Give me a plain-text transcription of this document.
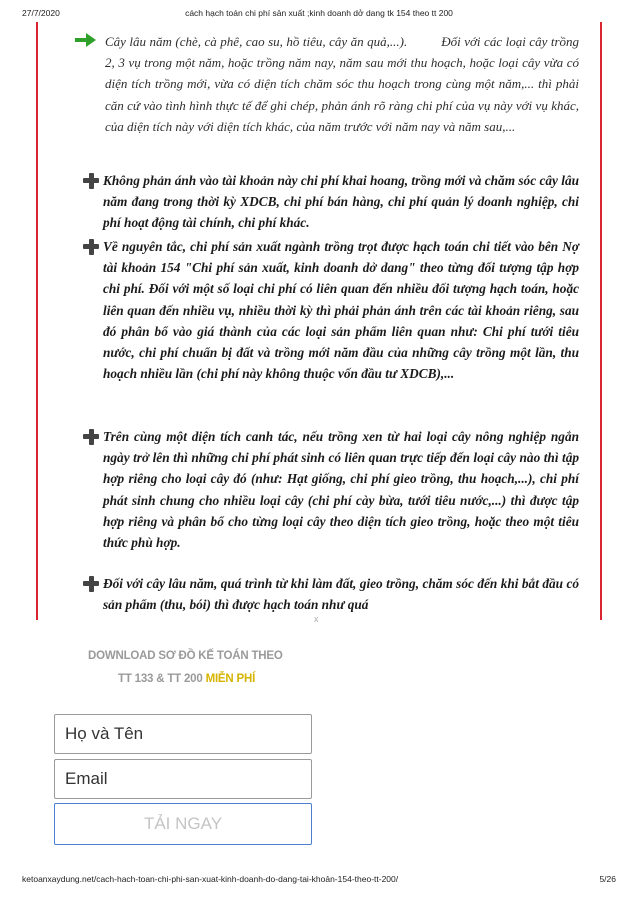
27/7/2020	cách hạch toán chi phí sản xuất ;kinh doanh dở dang tk 154 theo tt 200
Cây lâu năm (chè, cà phê, cao su, hồ tiêu, cây ăn quả,...).	Đối với các loại cây trồng 2, 3 vụ trong một năm, hoặc trồng năm nay, năm sau mới thu hoạch, hoặc loại cây vừa có diện tích trồng mới, vừa có diện tích chăm sóc thu hoạch trong cùng một năm,... thì phải căn cứ vào tình hình thực tế để ghi chép, phản ánh rõ ràng chi phí của vụ này với vụ khác, của diện tích này với diện tích khác, của năm trước với năm nay và năm sau,...
Không phản ánh vào tài khoản này chi phí khai hoang, trồng mới và chăm sóc cây lâu năm đang trong thời kỳ XDCB, chi phí bán hàng, chi phí quản lý doanh nghiệp, chi phí hoạt động tài chính, chi phí khác.
Về nguyên tắc, chi phí sản xuất ngành trồng trọt được hạch toán chi tiết vào bên Nợ tài khoản 154 "Chi phí sản xuất, kinh doanh dở dang" theo từng đối tượng tập hợp chi phí. Đối với một số loại chi phí có liên quan đến nhiều đối tượng hạch toán, hoặc liên quan đến nhiều vụ, nhiều thời kỳ thì phải phản ánh trên các tài khoản riêng, sau đó phân bổ vào giá thành của các loại sản phẩm liên quan như: Chi phí tưới tiêu nước, chi phí chuẩn bị đất và trồng mới năm đầu của những cây trồng một lần, thu hoạch nhiều lần (chi phí này không thuộc vốn đầu tư XDCB),...
Trên cùng một diện tích canh tác, nếu trồng xen từ hai loại cây nông nghiệp ngắn ngày trở lên thì những chi phí phát sinh có liên quan trực tiếp đến loại cây nào thì tập hợp riêng cho loại cây đó (như: Hạt giống, chi phí gieo trồng, thu hoạch,...), chi phí phát sinh chung cho nhiều loại cây (chi phí cày bừa, tưới tiêu nước,...) thì được tập hợp riêng và phân bổ cho từng loại cây theo diện tích gieo trồng, hoặc theo một tiêu thức phù hợp.
Đối với cây lâu năm, quá trình từ khi làm đất, gieo trồng, chăm sóc đến khi bắt đầu có sản phẩm (thu, bói) thì được hạch toán như quá
x
DOWNLOAD SƠ ĐỒ KẾ TOÁN THEO
TT 133 & TT 200 MIỄN PHÍ
Họ và Tên
Email
TẢI NGAY
ketoanxaydung.net/cach-hach-toan-chi-phi-san-xuat-kinh-doanh-do-dang-tai-khoản-154-theo-tt-200/	5/26
